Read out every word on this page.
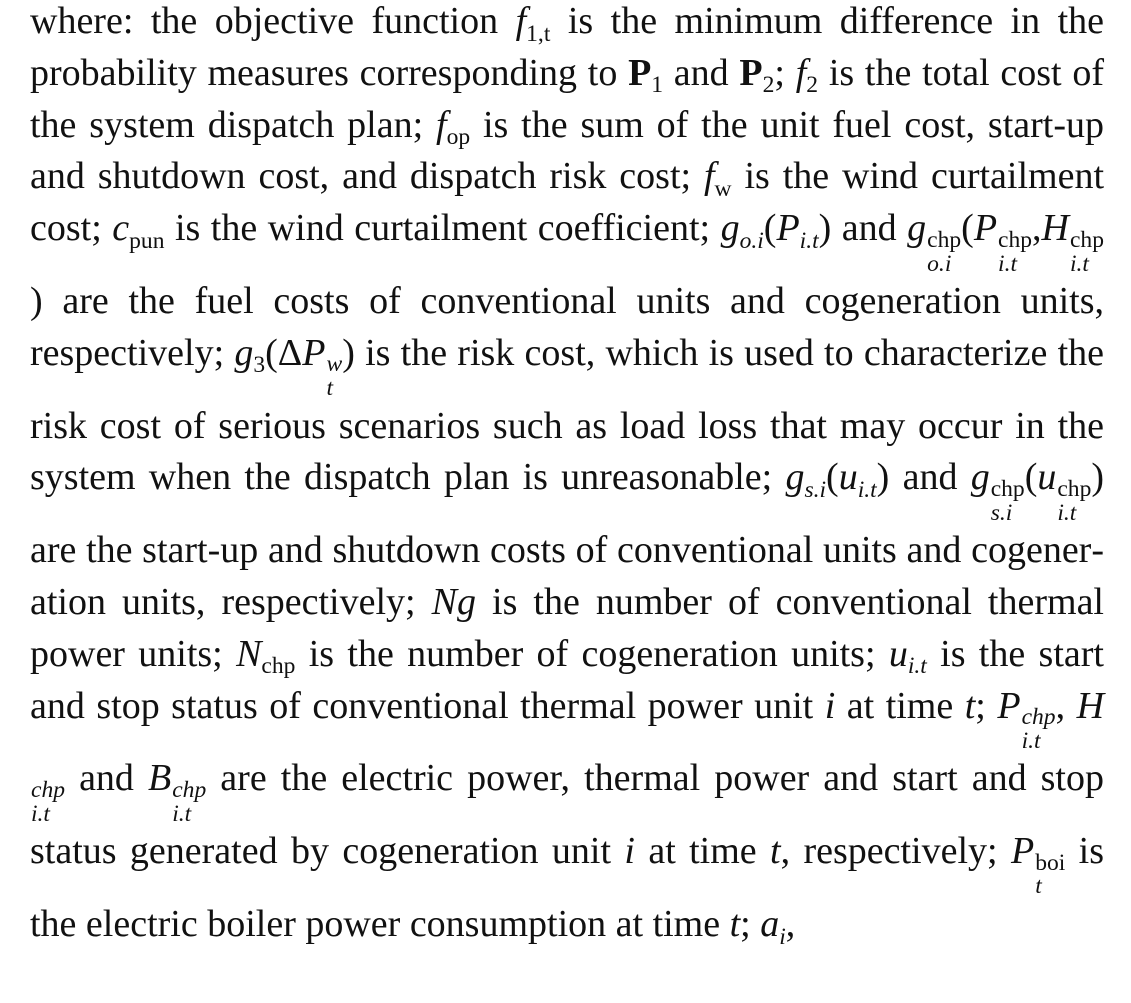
where: the objective function f1,t is the minimum difference in the probability measures corresponding to P1 and P2; f2 is the total cost of the system dispatch plan; fop is the sum of the unit fuel cost, start-up and shutdown cost, and dispatch risk cost; fw is the wind curtailment cost; cpun is the wind curtailment coefficient; go.i(Pi.t) and g chp
o.i
(P chp
i.t
,H chp
i.t
) are the fuel costs of conventional units and cogeneration units, respectively; g3(ΔP w
t
) is the risk cost, which is used to characterize the risk cost of serious scenarios such as load loss that may occur in the system when the dispatch plan is unreasonable; gs.i(ui.t) and g chp
s.i
(u chp
i.t
) are the start-up and shutdown costs of conventional units and cogeneration units, respectively; Ng is the number of conventional thermal power units; Nchp is the number of cogeneration units; ui.t is the start and stop status of conventional thermal power unit i at time t; P chp
i.t
, H
chp
i.t
and B chp
i.t
are the electric power, thermal power and start and stop status generated by cogeneration unit i at time t, respectively; P boi
t
is the electric boiler power consumption at time t; ai,
